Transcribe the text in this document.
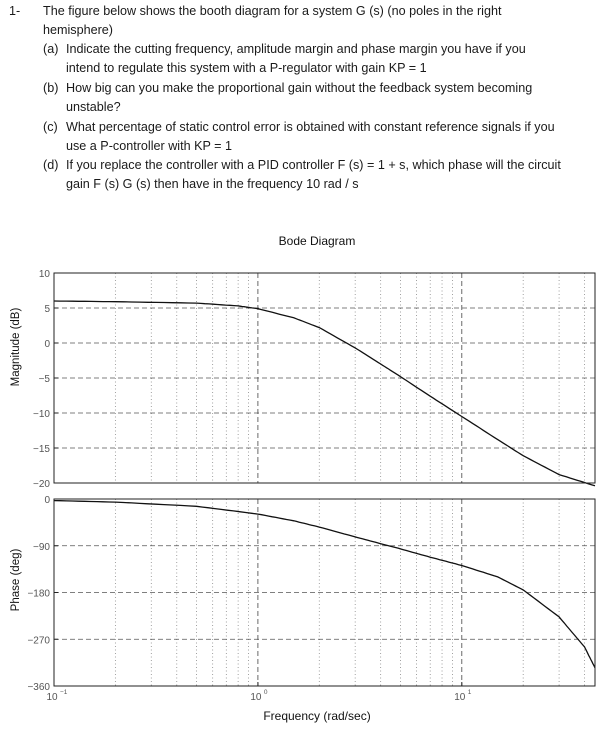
1- The figure below shows the booth diagram for a system G (s) (no poles in the right
hemisphere)
(a) Indicate the cutting frequency, amplitude margin and phase margin you have if you
intend to regulate this system with a P-regulator with gain KP = 1
(b) How big can you make the proportional gain without the feedback system becoming
unstable?
(c) What percentage of static control error is obtained with constant reference signals if you
use a P-controller with KP = 1
(d) If you replace the controller with a PID controller F (s) = 1 + s, which phase will the circuit
gain F (s) G (s) then have in the frequency 10 rad / s
Bode Diagram
Magnitude (dB)
Phase (deg)
Frequency (rad/sec)
10
5
0
−5
−10
−15
−20
0
−90
−180
−270
−360
10 −1	10 0	10 1
